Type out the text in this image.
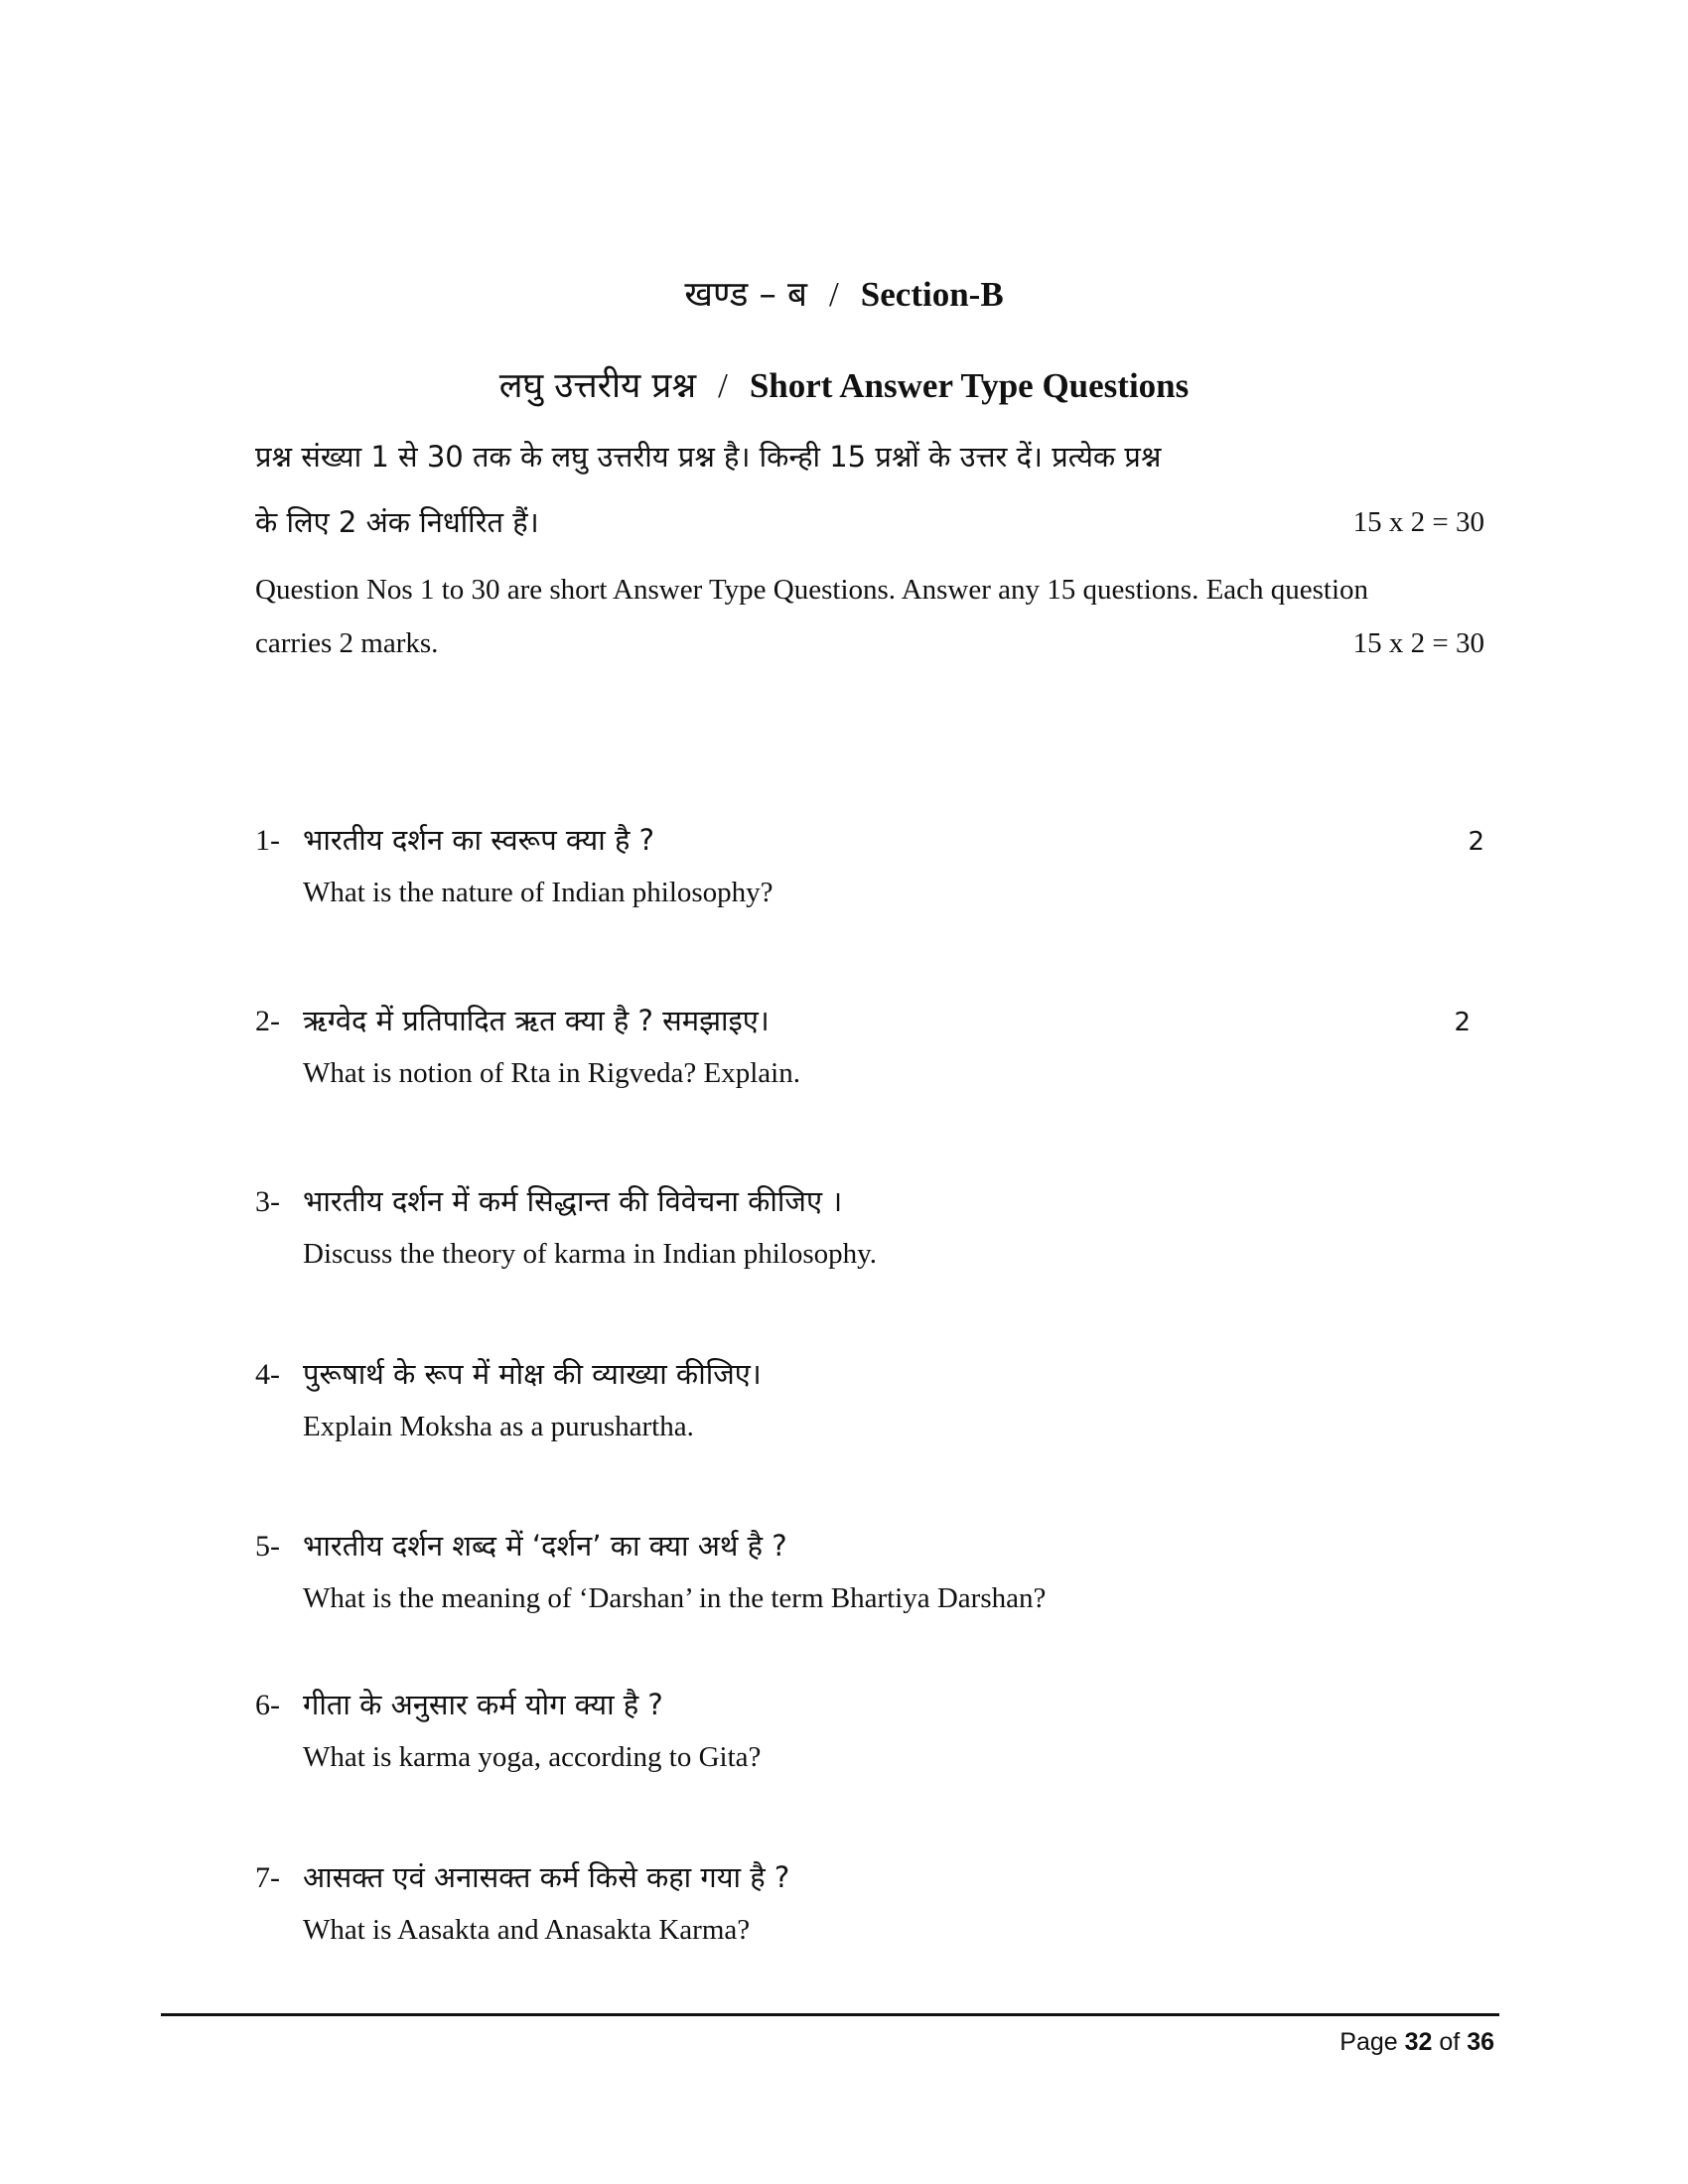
खण्ड – ब / Section-B
लघु उत्तरीय प्रश्न / Short Answer Type Questions
प्रश्न संख्या 1 से 30 तक के लघु उत्तरीय प्रश्न है। किन्ही 15 प्रश्नों के उत्तर दें। प्रत्येक प्रश्न
के लिए 2 अंक निर्धारित हैं।	15 x 2 = 30
Question Nos 1 to 30 are short Answer Type Questions. Answer any 15 questions. Each question
carries 2 marks.	15 x 2 = 30
1- भारतीय दर्शन का स्वरूप क्या है ?	2
What is the nature of Indian philosophy?
2- ऋग्वेद में प्रतिपादित ऋत क्या है ? समझाइए।	2
What is notion of Rta in Rigveda? Explain.
3- भारतीय दर्शन में कर्म सिद्धान्त की विवेचना कीजिए ।
Discuss the theory of karma in Indian philosophy.
4- पुरूषार्थ के रूप में मोक्ष की व्याख्या कीजिए।
Explain Moksha as a purushartha.
5- भारतीय दर्शन शब्द में ‘दर्शन’ का क्या अर्थ है ?
What is the meaning of ‘Darshan’ in the term Bhartiya Darshan?
6- गीता के अनुसार कर्म योग क्या है ?
What is karma yoga, according to Gita?
7- आसक्त एवं अनासक्त कर्म किसे कहा गया है ?
What is Aasakta and Anasakta Karma?
Page 32 of 36
